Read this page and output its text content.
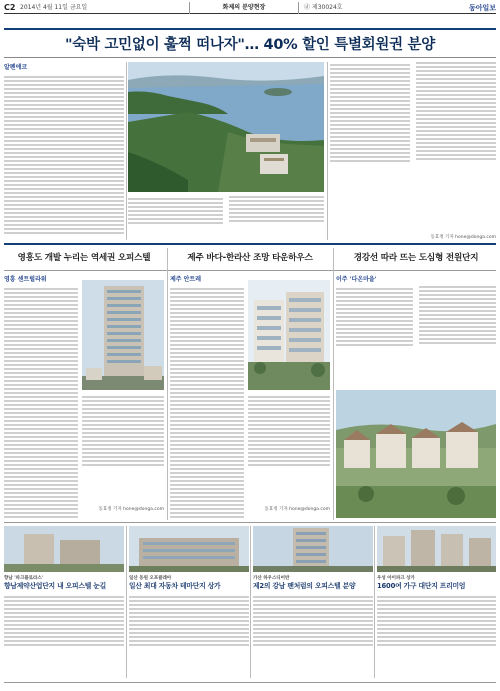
C2 2014년 4월 11일 금요일	화제의 분양현장	ⓓ 제30024호	동아일보
"숙박 고민없이 훌쩍 떠나자"… 40% 할인 특별회원권 분양
알펜에코
동효정 기자 hone@donga.com
영흥도 개발 누리는 역세권 오피스텔	제주 바다-한라산 조망 타운하우스	경강선 따라 뜨는 도심형 전원단지
영흥 센트럴라워
동효정 기자 hone@donga.com
제주 안트레
동효정 기자 hone@donga.com
이주 '다온마을'
향남 '파크플로라스'
향남제약산업단지 내 오피스텔 눈길
일산 동원 오포클레아
일산 최대 자동차 테마단지 상가
가산 하우스디어반
제2의 강남 팬처럼의 오피스텔 분양
우성 아이파크 상가
1600여 가구 대단지 프리미엄
